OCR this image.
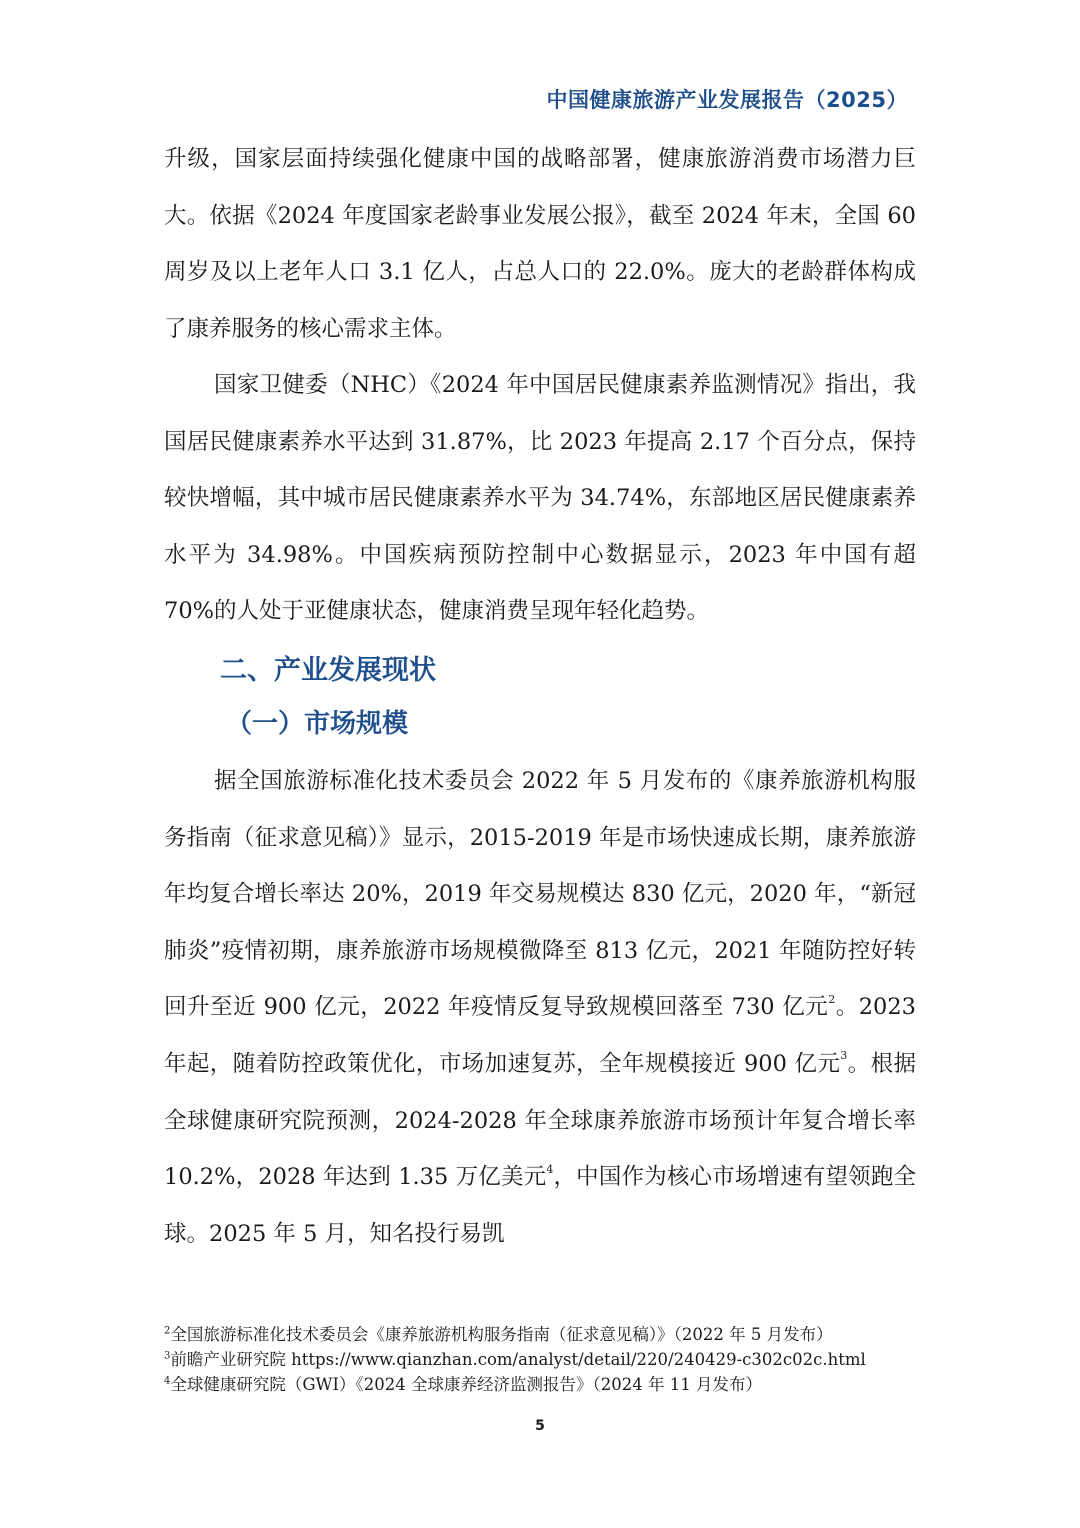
中国健康旅游产业发展报告（2025）

升级，国家层面持续强化健康中国的战略部署，健康旅游消费市场潜力巨大。依据《2024 年度国家老龄事业发展公报》，截至 2024 年末，全国 60 周岁及以上老年人口 3.1 亿人，占总人口的 22.0%。庞大的老龄群体构成了康养服务的核心需求主体。

国家卫健委（NHC）《2024 年中国居民健康素养监测情况》指出，我国居民健康素养水平达到 31.87%，比 2023 年提高 2.17 个百分点，保持较快增幅，其中城市居民健康素养水平为 34.74%，东部地区居民健康素养水平为 34.98%。中国疾病预防控制中心数据显示，2023 年中国有超 70%的人处于亚健康状态，健康消费呈现年轻化趋势。

二、产业发展现状
（一）市场规模

据全国旅游标准化技术委员会 2022 年 5 月发布的《康养旅游机构服务指南（征求意见稿）》显示，2015-2019 年是市场快速成长期，康养旅游年均复合增长率达 20%，2019 年交易规模达 830 亿元，2020 年，“新冠肺炎”疫情初期，康养旅游市场规模微降至 813 亿元，2021 年随防控好转回升至近 900 亿元，2022 年疫情反复导致规模回落至 730 亿元$^2$。2023 年起，随着防控政策优化，市场加速复苏，全年规模接近 900 亿元$^3$。根据全球健康研究院预测，2024-2028 年全球康养旅游市场预计年复合增长率 10.2%，2028 年达到 1.35 万亿美元$^4$，中国作为核心市场增速有望领跑全球。2025 年 5 月，知名投行易凯

$^2$全国旅游标准化技术委员会《康养旅游机构服务指南（征求意见稿）》（2022 年 5 月发布）
$^3$前瞻产业研究院 https://www.qianzhan.com/analyst/detail/220/240429-c302c02c.html
$^4$全球健康研究院（GWI）《2024 全球康养经济监测报告》（2024 年 11 月发布）
5
